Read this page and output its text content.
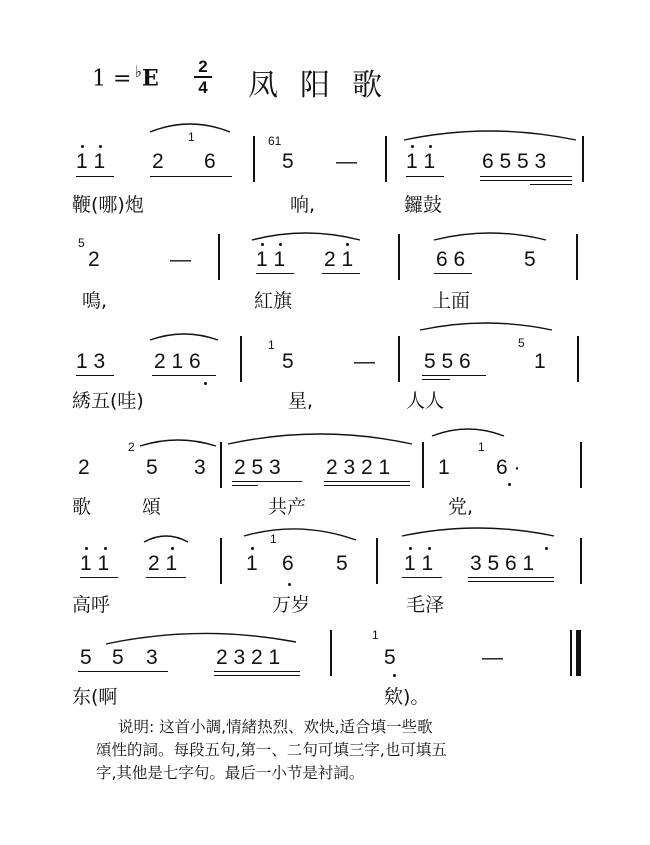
1 = ♭E 2
4 凤阳歌
1 1 2
1
6
61
5 — 1 1 6 5 5 3
鞭(哪)炮	响,	鑼鼓
5
2	—	1 1 2 1	6 6	5
鳴,	紅旗	上面
1 3 2 1 6
1
5	— 5 5 6
5
1
綉五(哇)	星,	人人
2
2
5 3 2 5 3 2 3 2 1 1
1
6 ·
歌	頌	共产	党,
1 1 2 1	1
1
6 5	1 1 3 5 6 1
高呼	万岁	毛泽
5 5 3	2 3 2 1
1
5	—
东(啊	欸)。
说明: 这首小調,情緒热烈、欢快,适合填一些歌
頌性的詞。每段五句,第一、二句可填三字,也可填五
字,其他是七字句。最后一小节是衬詞。
